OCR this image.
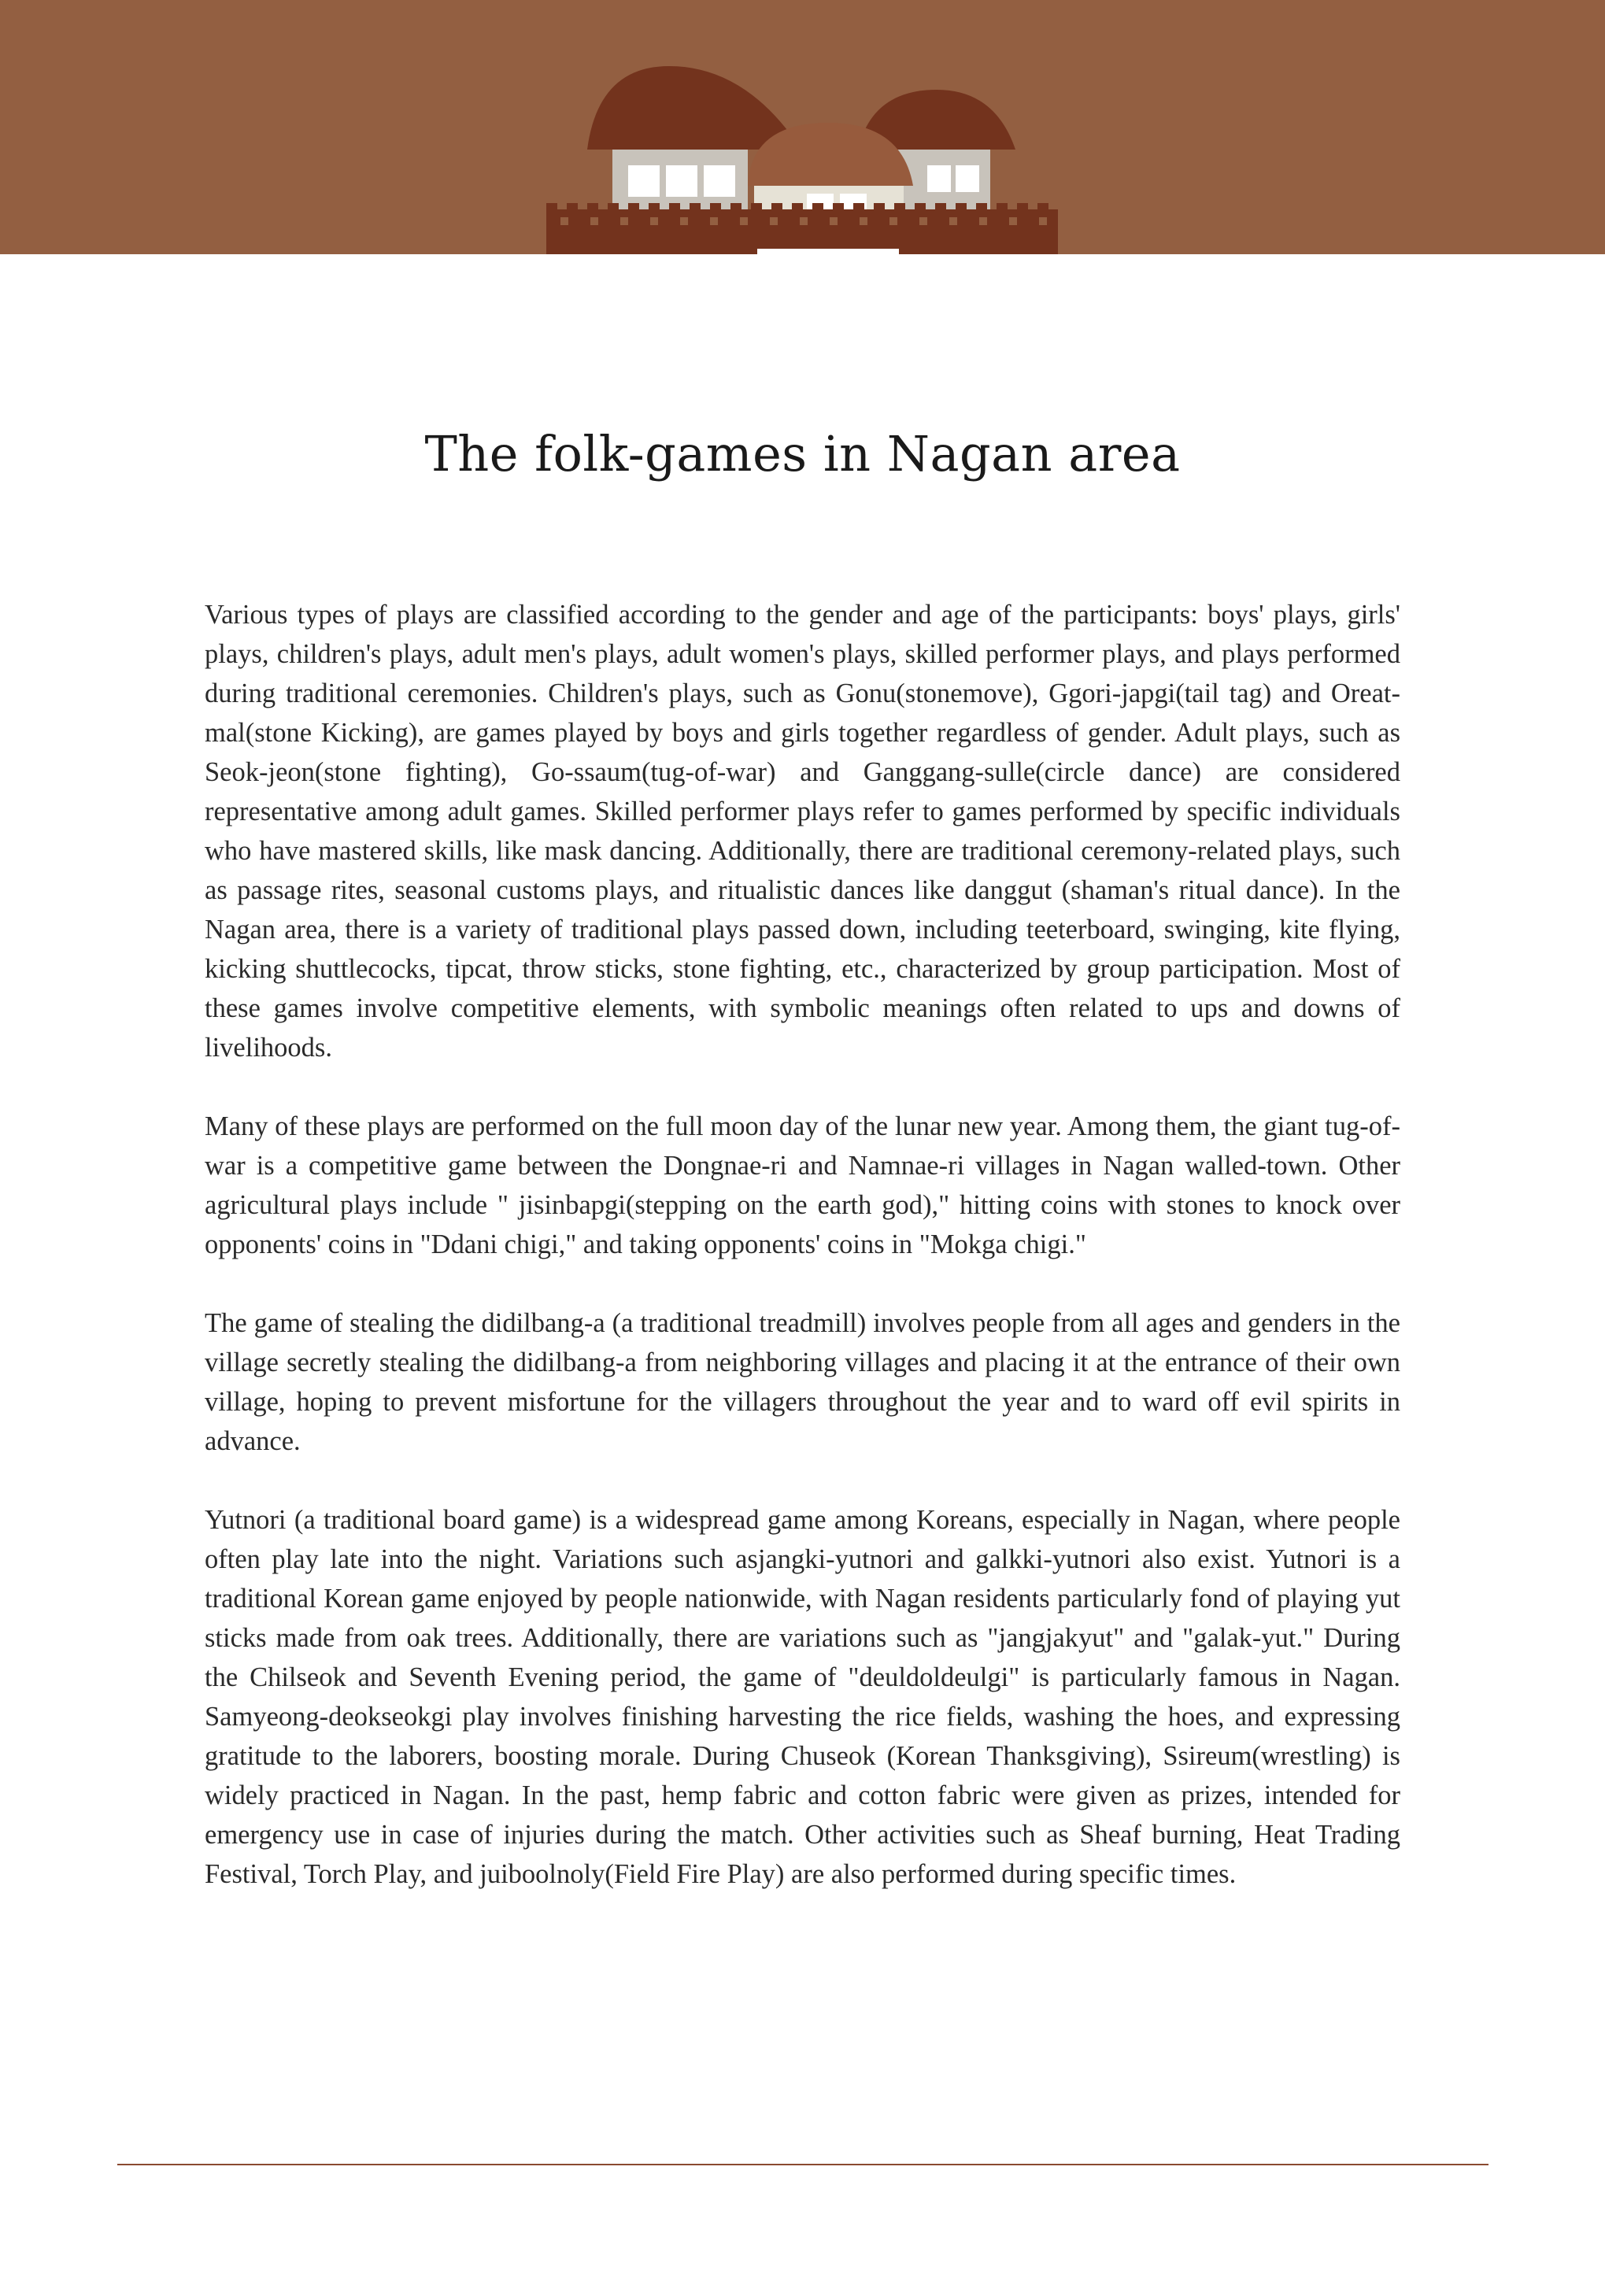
The folk-games in Nagan area

Various types of plays are classified according to the gender and age of the participants: boys' plays, girls' plays, children's plays, adult men's plays, adult women's plays, skilled performer plays, and plays performed during traditional ceremonies. Children's plays, such as Gonu(stonemove), Ggori-japgi(tail tag) and Oreat-mal(stone Kicking), are games played by boys and girls together regardless of gender. Adult plays, such as Seok-jeon(stone fighting), Go-ssaum(tug-of-war) and Ganggang-sulle(circle dance) are considered representative among adult games. Skilled performer plays refer to games performed by specific individuals who have mastered skills, like mask dancing. Additionally, there are traditional ceremony-related plays, such as passage rites, seasonal customs plays, and ritualistic dances like danggut (shaman's ritual dance). In the Nagan area, there is a variety of traditional plays passed down, including teeterboard, swinging, kite flying, kicking shuttlecocks, tipcat, throw sticks, stone fighting, etc., characterized by group participation. Most of these games involve competitive elements, with symbolic meanings often related to ups and downs of livelihoods.

Many of these plays are performed on the full moon day of the lunar new year. Among them, the giant tug-of-war is a competitive game between the Dongnae-ri and Namnae-ri villages in Nagan walled-town. Other agricultural plays include " jisinbapgi(stepping on the earth god)," hitting coins with stones to knock over opponents' coins in "Ddani chigi," and taking opponents' coins in "Mokga chigi."

The game of stealing the didilbang-a (a traditional treadmill) involves people from all ages and genders in the village secretly stealing the didilbang-a from neighboring villages and placing it at the entrance of their own village, hoping to prevent misfortune for the villagers throughout the year and to ward off evil spirits in advance.

Yutnori (a traditional board game) is a widespread game among Koreans, especially in Nagan, where people often play late into the night. Variations such asjangki-yutnori and galkki-yutnori also exist. Yutnori is a traditional Korean game enjoyed by people nationwide, with Nagan residents particularly fond of playing yut sticks made from oak trees. Additionally, there are variations such as "jangjakyut" and "galak-yut." During the Chilseok and Seventh Evening period, the game of "deuldoldeulgi" is particularly famous in Nagan. Samyeong-deokseokgi play involves finishing harvesting the rice fields, washing the hoes, and expressing gratitude to the laborers, boosting morale. During Chuseok (Korean Thanksgiving), Ssireum(wrestling) is widely practiced in Nagan. In the past, hemp fabric and cotton fabric were given as prizes, intended for emergency use in case of injuries during the match. Other activities such as Sheaf burning, Heat Trading Festival, Torch Play, and juiboolnoly(Field Fire Play) are also performed during specific times.
